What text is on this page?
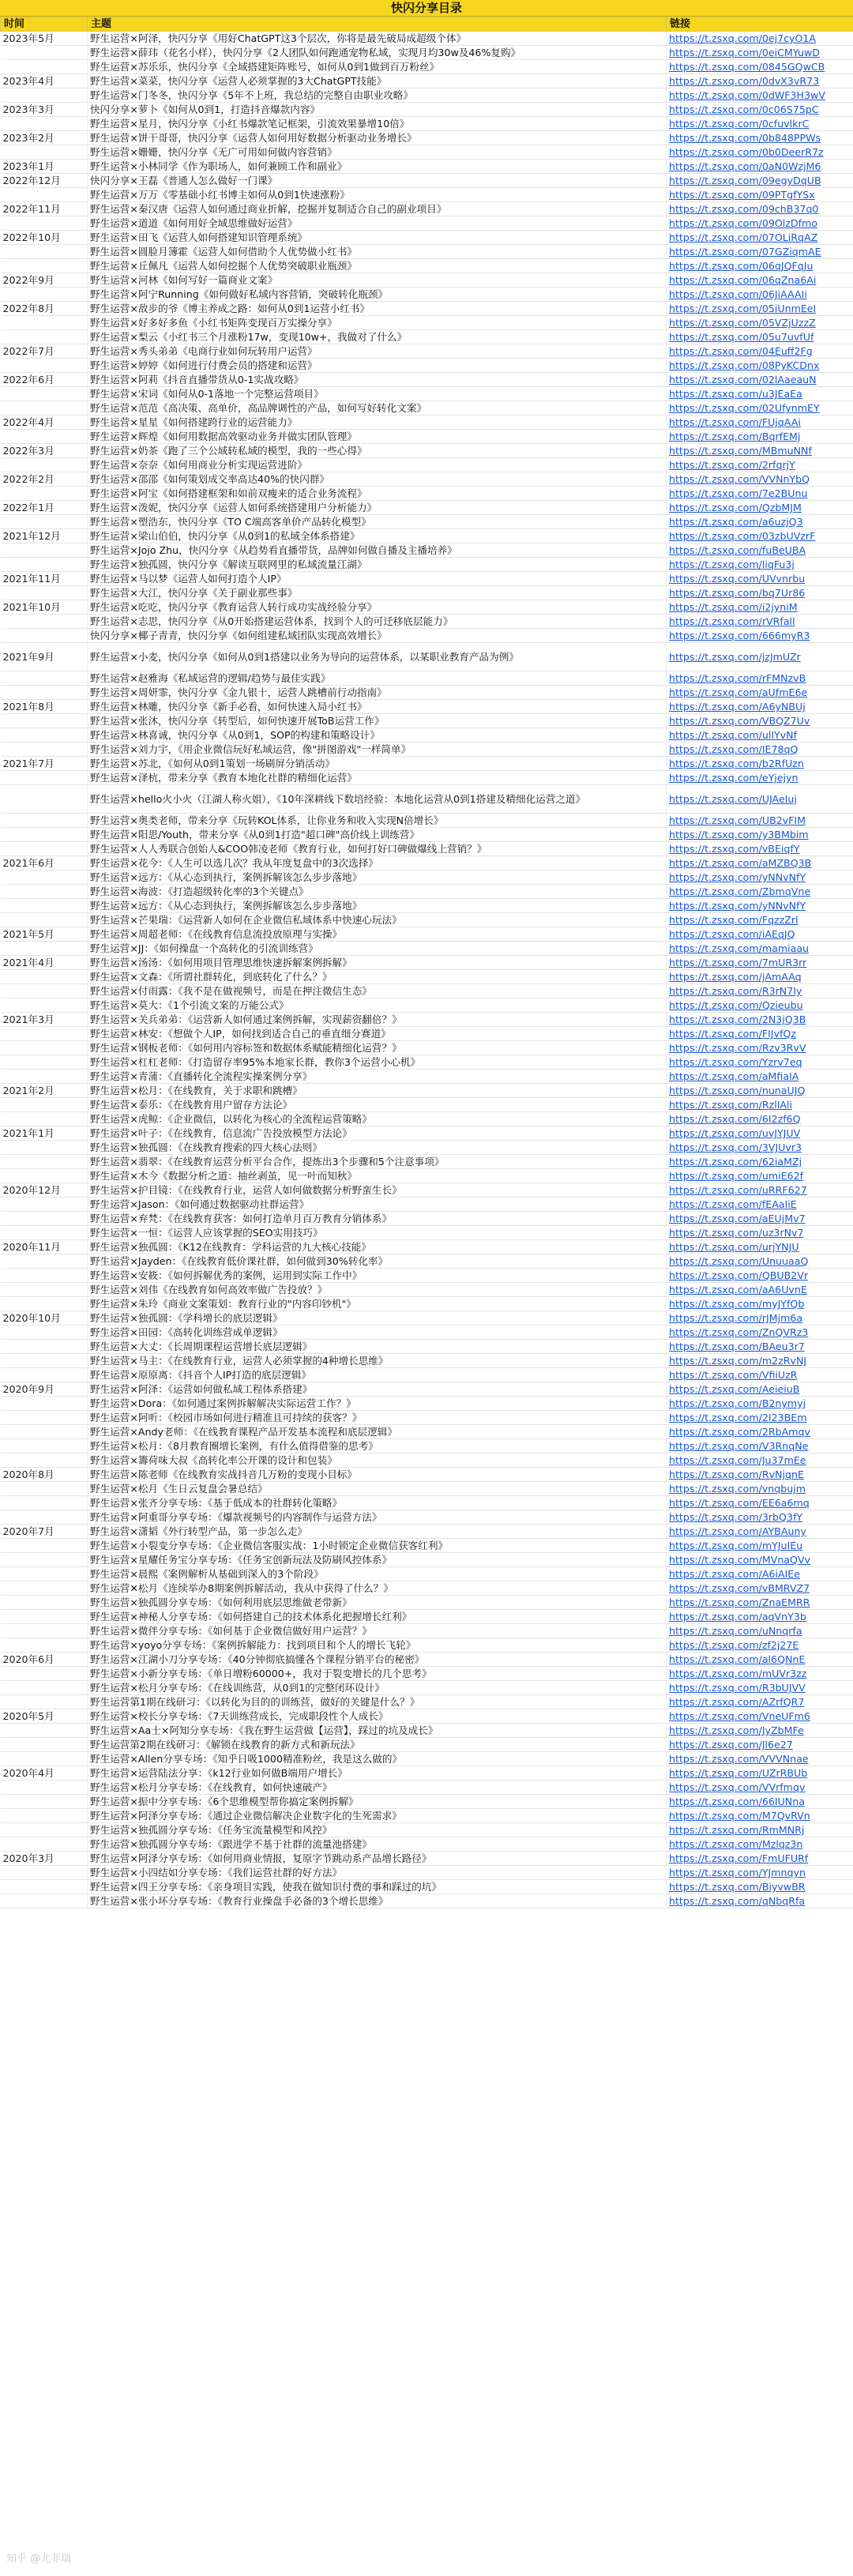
快闪分享目录
时间	主题	链接
2023年5月	野生运营×阿泽，快闪分享《用好ChatGPT这3个层次，你将是最先破局成超级个体》	https://t.zsxq.com/0ej7cyO1A
	野生运营×薛玮（花名小样），快闪分享《2人团队如何跑通宠物私域，实现月均30w及46%复购》	https://t.zsxq.com/0eiCMYuwD
	野生运营×苏乐乐，快闪分享《全域搭建矩阵账号，如何从0到1做到百万粉丝》	https://t.zsxq.com/0845GQwCB
2023年4月	野生运营×菜菜，快闪分享《运营人必须掌握的3大ChatGPT技能》	https://t.zsxq.com/0dvX3vR73
	野生运营×门冬冬，快闪分享《5年不上班，我总结的完整自由职业攻略》	https://t.zsxq.com/0dWF3H3wV
2023年3月	快闪分享×萝卜《如何从0到1，打造抖音爆款内容》	https://t.zsxq.com/0c06S75pC
	野生运营×星月，快闪分享《小红书爆款笔记框架，引流效果暴增10倍》	https://t.zsxq.com/0cfuvlkrC
2023年2月	野生运营×饼干哥哥，快闪分享《运营人如何用好数据分析驱动业务增长》	https://t.zsxq.com/0b848PPWs
	野生运营×姗姗，快闪分享《无广可用如何做内容营销》	https://t.zsxq.com/0b0DeerR7z
2023年1月	野生运营×小林同学《作为职场人，如何兼顾工作和副业》	https://t.zsxq.com/0aN0WzjM6
2022年12月	快闪分享×王磊《普通人怎么做好一门课》	https://t.zsxq.com/09egyDqUB
	野生运营×万万《零基础小红书博主如何从0到1快速涨粉》	https://t.zsxq.com/09PTgfYSx
2022年11月	野生运营×秦汉唐《运营人如何通过商业折解，挖掘并复制适合自己的副业项目》	https://t.zsxq.com/09chB37q0
	野生运营×道道《如何用好全域思维做好运营》	https://t.zsxq.com/09OlzDfmo
2022年10月	野生运营×田飞《运营人如何搭建知识管理系统》	https://t.zsxq.com/07OLiRqAZ
	野生运营×圆脸月簿霍《运营人如何借助个人优势做小红书》	https://t.zsxq.com/07GZiqmAE
	野生运营×丘佩凡《运营人如何挖掘个人优势突破职业瓶颈》	https://t.zsxq.com/06qJQFqJu
2022年9月	野生运营×河林《如何写好一篇商业文案》	https://t.zsxq.com/06qZna6Ai
	野生运营×阿宁Running《如何做好私域内容营销，突破转化瓶颈》	https://t.zsxq.com/06JiAAAIi
2022年8月	野生运营×敌步的爷《博主养成之路：如何从0到1运营小红书》	https://t.zsxq.com/05iUnmEeI
	野生运营×好多好多鱼《小红书矩阵变现百万实操分享》	https://t.zsxq.com/05VZjUzzZ
	野生运营×梨云《小红书三个月涨粉17w，变现10w+，我做对了什么》	https://t.zsxq.com/05u7uvfUf
2022年7月	野生运营×秀头弟弟《电商行业如何玩转用户运营》	https://t.zsxq.com/04Euff2Fg
	野生运营×婷婷《如何进行付费会员的搭建和运营》	https://t.zsxq.com/08PyKCDnx
2022年6月	野生运营×阿莉《抖音直播带货从0-1实战攻略》	https://t.zsxq.com/02lAaeauN
	野生运营×宋词《如何从0-1落地一个完整运营项目》	https://t.zsxq.com/u3JEaEa
	野生运营×范范《高决策、高单价，高品牌调性的产品，如何写好转化文案》	https://t.zsxq.com/02UfynmEY
2022年4月	野生运营×星星《如何搭建跨行业的运营能力》	https://t.zsxq.com/FUjqAAi
	野生运营×辉煌《如何用数据高效驱动业务并做实团队管理》	https://t.zsxq.com/BqrfEMj
2022年3月	野生运营×奶茶《跑了三个公域转私域的模型，我的一些心得》	https://t.zsxq.com/MBmuNNf
	野生运营×奈奈《如何用商业分析实现运营进阶》	https://t.zsxq.com/2rfqrjY
2022年2月	野生运营×邵邵《如何策划成交率高达40%的快闪群》	https://t.zsxq.com/VVNnYbQ
	野生运营×阿宝《如何搭建框架和如前双瘦来的适合业务流程》	https://t.zsxq.com/7e2BUnu
2022年1月	野生运营×泼妮，快闪分享《运营人如何系统搭建用户分析能力》	https://t.zsxq.com/QzbMJM
	野生运营×塑浩东，快闪分享《TO C端高客单价产品转化模型》	https://t.zsxq.com/a6uzjQ3
2021年12月	野生运营×梁山伯伯，快闪分享《从0到1的私域全体系搭建》	https://t.zsxq.com/03zbUVzrF
	野生运营×Jojo Zhu，快闪分享《从趋势看直播带货，品牌如何做自播及主播培养》	https://t.zsxq.com/fuBeUBA
	野生运营×独孤圆，快闪分享《解读互联网里的私域流量江湖》	https://t.zsxq.com/liqFu3j
2021年11月	野生运营×马以梦《运营人如何打造个人IP》	https://t.zsxq.com/UVvnrbu
	野生运营×大江，快闪分享《关于副业那些事》	https://t.zsxq.com/bq7Ur86
2021年10月	野生运营×吃吃，快闪分享《教育运营人转行成功实战经验分享》	https://t.zsxq.com/i2jyniM
	野生运营×志思，快闪分享《从0开始搭建运营体系，找到个人的可迁移底层能力》	https://t.zsxq.com/rVRfall
	快闪分享×椰子青青，快闪分享《如何组建私域团队实现高效增长》	https://t.zsxq.com/666myR3
2021年9月	野生运营×小麦，快闪分享《如何从0到1搭建以业务为导向的运营体系，以某职业教育产品为例》	https://t.zsxq.com/jzJmUZr
	野生运营×赵雅海《私域运营的逻辑/趋势与最佳实践》	https://t.zsxq.com/rFMNzvB
	野生运营×周妍霏，快闪分享《金九银十，运营人跳槽前行动指南》	https://t.zsxq.com/aUfmE6e
2021年8月	野生运营×林雕，快闪分享《新手必看，如何快速入局小红书》	https://t.zsxq.com/A6yNBUj
	野生运营×张沐，快闪分享《转型后，如何快速开展ToB运营工作》	https://t.zsxq.com/VBQZ7Uv
	野生运营×林喜诚，快闪分享《从0到1，SOP的构建和策略设计》	https://t.zsxq.com/ulIYvNf
	野生运营×刘力宇，《用企业微信玩好私域运营，像"拼图游戏"一样简单》	https://t.zsxq.com/IE78qQ
2021年7月	野生运营×苏北，《如何从0到1策划一场刷屏分销活动》	https://t.zsxq.com/b2RfUzn
	野生运营×泽杭，带来分享《教育本地化社群的精细化运营》	https://t.zsxq.com/eYjejyn
	野生运营×hello火小火（江湖人称火姐），《10年深耕线下数培经验：本地化运营从0到1搭建及精细化运营之道》	https://t.zsxq.com/UJAeIuj
	野生运营×奥类老师，带来分享《玩转KOL体系，让你业务和收入实现N倍增长》	https://t.zsxq.com/UB2vFIM
	野生运营×阳思/Youth，带来分享《从0到1打造"超口碑"高价线上训练营》	https://t.zsxq.com/y3BMbim
	野生运营×人人秀联合创始人&COO韩凌老师《教育行业，如何打好口碑做爆线上营销？》	https://t.zsxq.com/vBEiqfY
2021年6月	野生运营×花今：《人生可以选几次？我从年度复盘中的3次选择》	https://t.zsxq.com/aMZBQ3B
	野生运营×远方：《从心态到执行，案例拆解该怎么步步落地》	https://t.zsxq.com/yNNvNfY
	野生运营×海波：《打造超级转化率的3个关键点》	https://t.zsxq.com/ZbmqVne
	野生运营×远方：《从心态到执行，案例拆解该怎么步步落地》	https://t.zsxq.com/yNNvNfY
	野生运营×芒果瑞：《运营新人如何在企业微信私域体系中快速心玩法》	https://t.zsxq.com/FqzzZrl
2021年5月	野生运营×周超老师：《在线教育信息流投放原理与实操》	https://t.zsxq.com/iAEqJQ
	野生运营×JJ：《如何操盘一个高转化的引流训练营》	https://t.zsxq.com/mamiaau
2021年4月	野生运营×汤汤：《如何用项目管理思维快速拆解案例拆解》	https://t.zsxq.com/7mUR3rr
	野生运营×文森：《所谓社群转化，到底转化了什么？》	https://t.zsxq.com/jAmAAq
	野生运营×付雨露：《我不是在做视频号，而是在押注微信生态》	https://t.zsxq.com/R3rN7Iy
	野生运营×莫大：《1个引流文案的万能公式》	https://t.zsxq.com/Qzieubu
2021年3月	野生运营×关兵弟弟：《运营新人如何通过案例拆解，实现薪资翻倍？》	https://t.zsxq.com/2N3jQ3B
	野生运营×林安：《想做个人IP，如何找到适合自己的垂直细分赛道》	https://t.zsxq.com/FIJvfQz
	野生运营×钢板老师：《如何用内容标签和数据体系赋能精细化运营？》	https://t.zsxq.com/Rzv3RvV
	野生运营×杠杠老师：《打造留存率95%本地家长群，教你3个运营小心机》	https://t.zsxq.com/Yzrv7eq
	野生运营×青蒲：《直播转化全流程实操案例分享》	https://t.zsxq.com/aMfiaIA
2021年2月	野生运营×松月：《在线教育，关于求职和跳槽》	https://t.zsxq.com/nunaUJQ
	野生运营×泰乐：《在线教育用户留存方法论》	https://t.zsxq.com/RzlIAli
	野生运营×虎鲸：《企业微信，以转化为核心的全流程运营策略》	https://t.zsxq.com/6I2zf6Q
2021年1月	野生运营×叶子：《在线教育，信息流广告投放模型方法论》	https://t.zsxq.com/uvJYJUV
	野生运营×独孤圆：《在线教育搜索的四大核心法则》	https://t.zsxq.com/3VJUvr3
	野生运营×翡翠：《在线教育运营分析平台合作，提炼出3个步骤和5个注意事项》	https://t.zsxq.com/62iaMZj
	野生运营×木今《数据分析之道：抽丝剥茧，见一叶而知秋》	https://t.zsxq.com/umiE62f
2020年12月	野生运营×护目镜：《在线教育行业，运营人如何做数据分析野蛮生长》	https://t.zsxq.com/uRRF627
	野生运营×Jason：《如何通过数据驱动社群运营》	https://t.zsxq.com/fEAaIiE
	野生运营×弃梵：《在线教育获客：如何打造单月百万教育分销体系》	https://t.zsxq.com/aEUjMv7
	野生运营×一恒：《运营人应该掌握的SEO实用技巧》	https://t.zsxq.com/uz3rNv7
2020年11月	野生运营×独孤圆：《K12在线教育：学科运营的九大核心技能》	https://t.zsxq.com/urjYNJU
	野生运营×Jayden：《在线教育低价课社群，如何做到30%转化率》	https://t.zsxq.com/UnuuaaQ
	野生运营×安筱：《如何拆解优秀的案例，运用到实际工作中》	https://t.zsxq.com/QBUB2Vr
	野生运营×刘伟《在线教育如何高效率做广告投放？》	https://t.zsxq.com/aA6UvnE
	野生运营×朱玲《商业文案策划：教育行业的"内容印钞机"》	https://t.zsxq.com/myJYfQb
2020年10月	野生运营×独孤圆：《学科增长的底层逻辑》	https://t.zsxq.com/rJMjm6a
	野生运营×田园：《高转化训练营成单逻辑》	https://t.zsxq.com/ZnQVRz3
	野生运营×大丈：《长周期课程运营增长底层逻辑》	https://t.zsxq.com/BAeu3r7
	野生运营×马主：《在线教育行业，运营人必须掌握的4种增长思维》	https://t.zsxq.com/m2zRvNJ
	野生运营×原原离：《抖音个人IP打造的底层逻辑》	https://t.zsxq.com/VfiiUzR
2020年9月	野生运营×阿泽：《运营如何做私域工程体系搭建》	https://t.zsxq.com/AeieiuB
	野生运营×Dora：《如何通过案例拆解解决实际运营工作？》	https://t.zsxq.com/B2nymyj
	野生运营×阿听：《校园市场如何进行精准且可持续的获客？》	https://t.zsxq.com/2I23BEm
	野生运营×Andy老师：《在线教育课程产品开发基本流程和底层逻辑》	https://t.zsxq.com/2RbAmqv
	野生运营×松月：《8月教育圈增长案例，有什么值得借鉴的思考》	https://t.zsxq.com/V3RnqNe
	野生运营×籌荷味大叔《高转化率公开课的设计和包装》	https://t.zsxq.com/Ju37mEe
2020年8月	野生运营×陈老师《在线教育实战抖音几万粉的变现小目标》	https://t.zsxq.com/RvNjqnE
	野生运营×松月《生日云复盘会暑总结》	https://t.zsxq.com/vnqbujm
	野生运营×张齐分享专场：《基于低成本的社群转化策略》	https://t.zsxq.com/EE6a6mq
	野生运营×阿重哥分享专场：《爆款视频号的内容制作与运营方法》	https://t.zsxq.com/3rbQ3fY
2020年7月	野生运营×潇韬《外行转型产品，第一步怎么走》	https://t.zsxq.com/AYBAuny
	野生运营×小裂变分享专场：《企业微信客服实战：1小时锁定企业微信获客红利》	https://t.zsxq.com/mYJuIEu
	野生运营×星耀任务宝分享专场：《任务宝创新玩法及防刷风控体系》	https://t.zsxq.com/MVnaQVv
	野生运营×晨熙《案例解析从基础到深入的3个阶段》	https://t.zsxq.com/A6iAIEe
	野生运营✕松月《连续举办8期案例拆解活动，我从中获得了什么？》	https://t.zsxq.com/vBMRVZ7
	野生运营×独孤圆分享专场：《如何利用底层思维做老带新》	https://t.zsxq.com/ZnaEMRR
	野生运营×神秘人分享专场：《如何搭建自己的技术体系化把握增长红利》	https://t.zsxq.com/aqVnY3b
	野生运营×微伴分享专场：《如何基于企业微信做好用户运营？》	https://t.zsxq.com/uNnqrfa
	野生运营×yoyo分享专场：《案例拆解能力：找到项目和个人的增长飞轮》	https://t.zsxq.com/zf2j27E
2020年6月	野生运营×江湖小刀分享专场：《40分钟彻底搞懂各个课程分销平台的秘密》	https://t.zsxq.com/al6QNnE
	野生运营×小新分享专场：《单日增粉60000+，我对于裂变增长的几个思考》	https://t.zsxq.com/mUVr3zz
	野生运营×松月分享专场：《在线训练营，从0到1的完整闭环设计》	https://t.zsxq.com/R3bUJVV
	野生运营第1期在线研习：《以转化为目的的训练营，做好的关键是什么？》	https://t.zsxq.com/AZrfQR7
2020年5月	野生运营×校长分享专场：《7天训练营成长，完成职段性个人成长》	https://t.zsxq.com/VneUFm6
	野生运营×Aa士×阿知分享专场：《我在野生运营做【运营】，踩过的坑及成长》	https://t.zsxq.com/JyZbMFe
	野生运营第2期在线研习：《解锁在线教育的新方式和新玩法》	https://t.zsxq.com/Jl6e27
	野生运营×Allen分享专场：《知乎日吸1000精准粉丝，我是这么做的》	https://t.zsxq.com/VVVNnae
2020年4月	野生运营×运营陆法分享：《k12行业如何做B端用户增长》	https://t.zsxq.com/UZrRBUb
	野生运营×松月分享专场：《在线教育，如何快速破产》	https://t.zsxq.com/VVrfmqv
	野生运营×振中分享专场：《6个思维模型帮你搞定案例拆解》	https://t.zsxq.com/66IUNna
	野生运营×阿泽分享专场：《通过企业微信解决企业数字化的生死需求》	https://t.zsxq.com/M7QvRVn
	野生运营×独孤圆分享专场：《任务宝流量模型和风控》	https://t.zsxq.com/RmMNRj
	野生运营×独孤圆分享专场：《跟进学不基于社群的流量池搭建》	https://t.zsxq.com/Mzlqz3n
2020年3月	野生运营×阿泽分享专场：《如何用商业情报，复原字节跳动系产品增长路径》	https://t.zsxq.com/FmUFURf
	野生运营×小四结如分享专场：《我们运营社群的好方法》	https://t.zsxq.com/YJmnqyn
	野生运营×四王分享专场：《亲身项目实践，使我在做知识付费的事和踩过的坑》	https://t.zsxq.com/BiyvwBR
	野生运营×张小坏分享专场：《教育行业操盘手必备的3个增长思维》	https://t.zsxq.com/qNbqRfa
知乎 @尤菲瑞
